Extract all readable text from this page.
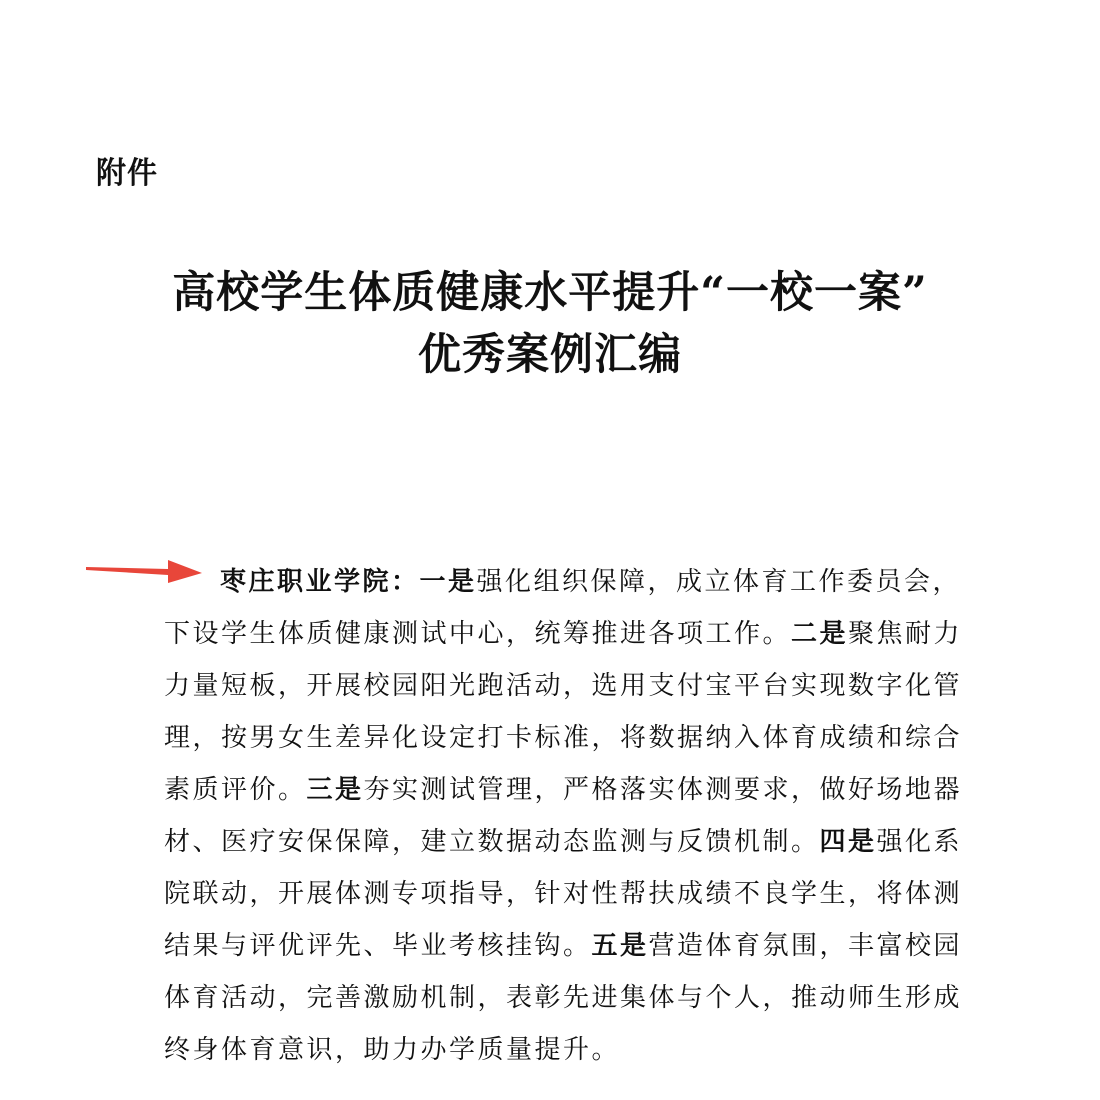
附件
高校学生体质健康水平提升“一校一案”
优秀案例汇编
枣庄职业学院：一是强化组织保障，成立体育工作委员会，
下设学生体质健康测试中心，统筹推进各项工作。二是聚焦耐力
力量短板，开展校园阳光跑活动，选用支付宝平台实现数字化管
理，按男女生差异化设定打卡标准，将数据纳入体育成绩和综合
素质评价。三是夯实测试管理，严格落实体测要求，做好场地器
材、医疗安保保障，建立数据动态监测与反馈机制。四是强化系
院联动，开展体测专项指导，针对性帮扶成绩不良学生，将体测
结果与评优评先、毕业考核挂钩。五是营造体育氛围，丰富校园
体育活动，完善激励机制，表彰先进集体与个人，推动师生形成
终身体育意识，助力办学质量提升。
